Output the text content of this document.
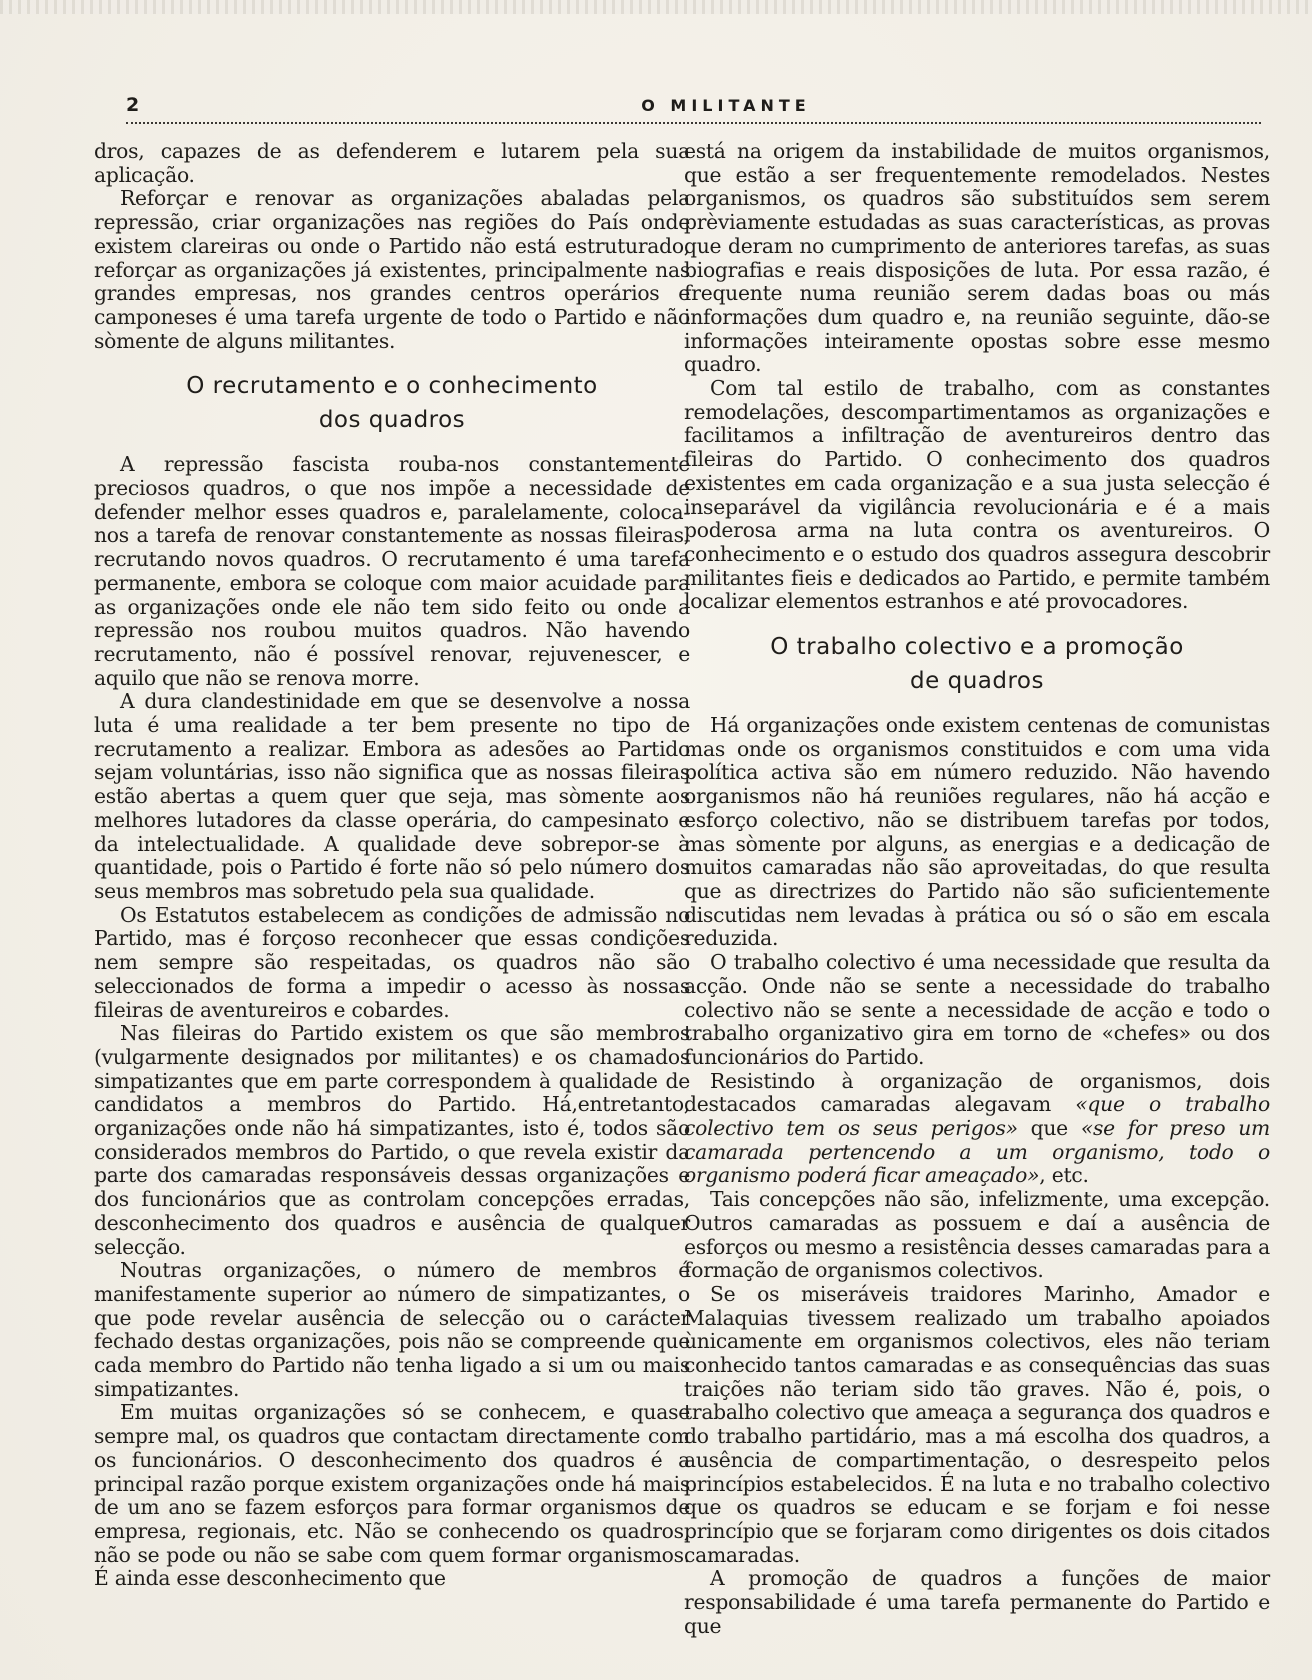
2	O MILITANTE

dros, capazes de as defenderem e lutarem pela sua aplicação.

Reforçar e renovar as organizações abaladas pela repressão, criar organizações nas regiões do País onde existem clareiras ou onde o Partido não está estruturado, reforçar as organizações já existentes, principalmente nas grandes empresas, nos grandes centros operários e camponeses é uma tarefa urgente de todo o Partido e não sòmente de alguns militantes.

O recrutamento e o conhecimento
dos quadros

A repressão fascista rouba-nos constantemente preciosos quadros, o que nos impõe a necessidade de defender melhor esses quadros e, paralelamente, coloca-nos a tarefa de renovar constantemente as nossas fileiras, recrutando novos quadros. O recrutamento é uma tarefa permanente, embora se coloque com maior acuidade para as organizações onde ele não tem sido feito ou onde a repressão nos roubou muitos quadros. Não havendo recrutamento, não é possível renovar, rejuvenescer, e aquilo que não se renova morre.

A dura clandestinidade em que se desenvolve a nossa luta é uma realidade a ter bem presente no tipo de recrutamento a realizar. Embora as adesões ao Partido sejam voluntárias, isso não significa que as nossas fileiras estão abertas a quem quer que seja, mas sòmente aos melhores lutadores da classe operária, do campesinato e da intelectualidade. A qualidade deve sobrepor-se à quantidade, pois o Partido é forte não só pelo número dos seus membros mas sobretudo pela sua qualidade.

Os Estatutos estabelecem as condições de admissão no Partido, mas é forçoso reconhecer que essas condições nem sempre são respeitadas, os quadros não são seleccionados de forma a impedir o acesso às nossas fileiras de aventureiros e cobardes.

Nas fileiras do Partido existem os que são membros (vulgarmente designados por militantes) e os chamados simpatizantes que em parte correspondem à qualidade de candidatos a membros do Partido. Há,entretanto, organizações onde não há simpatizantes, isto é, todos são considerados membros do Partido, o que revela existir da parte dos camaradas responsáveis dessas organizações e dos funcionários que as controlam concepções erradas, desconhecimento dos quadros e ausência de qualquer selecção.

Noutras organizações, o número de membros é manifestamente superior ao número de simpatizantes, o que pode revelar ausência de selecção ou o carácter fechado destas organizações, pois não se compreende que cada membro do Partido não tenha ligado a si um ou mais simpatizantes.

Em muitas organizações só se conhecem, e quase sempre mal, os quadros que contactam directamente com os funcionários. O desconhecimento dos quadros é a principal razão porque existem organizações onde há mais de um ano se fazem esforços para formar organismos de empresa, regionais, etc. Não se conhecendo os quadros, não se pode ou não se sabe com quem formar organismos. É ainda esse desconhecimento que

está na origem da instabilidade de muitos organismos, que estão a ser frequentemente remodelados. Nestes organismos, os quadros são substituídos sem serem prèviamente estudadas as suas características, as provas que deram no cumprimento de anteriores tarefas, as suas biografias e reais disposições de luta. Por essa razão, é frequente numa reunião serem dadas boas ou más informações dum quadro e, na reunião seguinte, dão-se informações inteiramente opostas sobre esse mesmo quadro.

Com tal estilo de trabalho, com as constantes remodelações, descompartimentamos as organizações e facilitamos a infiltração de aventureiros dentro das fileiras do Partido. O conhecimento dos quadros existentes em cada organização e a sua justa selecção é inseparável da vigilância revolucionária e é a mais poderosa arma na luta contra os aventureiros. O conhecimento e o estudo dos quadros assegura descobrir militantes fieis e dedicados ao Partido, e permite também localizar elementos estranhos e até provocadores.

O trabalho colectivo e a promoção
de quadros

Há organizações onde existem centenas de comunistas mas onde os organismos constituidos e com uma vida política activa são em número reduzido. Não havendo organismos não há reuniões regulares, não há acção e esforço colectivo, não se distribuem tarefas por todos, mas sòmente por alguns, as energias e a dedicação de muitos camaradas não são aproveitadas, do que resulta que as directrizes do Partido não são suficientemente discutidas nem levadas à prática ou só o são em escala reduzida.

O trabalho colectivo é uma necessidade que resulta da acção. Onde não se sente a necessidade do trabalho colectivo não se sente a necessidade de acção e todo o trabalho organizativo gira em torno de «chefes» ou dos funcionários do Partido.

Resistindo à organização de organismos, dois destacados camaradas alegavam «que o trabalho colectivo tem os seus perigos» que «se for preso um camarada pertencendo a um organismo, todo o organismo poderá ficar ameaçado», etc.

Tais concepções não são, infelizmente, uma excepção. Outros camaradas as possuem e daí a ausência de esforços ou mesmo a resistência desses camaradas para a formação de organismos colectivos.

Se os miseráveis traidores Marinho, Amador e Malaquias tivessem realizado um trabalho apoiados ùnicamente em organismos colectivos, eles não teriam conhecido tantos camaradas e as consequências das suas traições não teriam sido tão graves. Não é, pois, o trabalho colectivo que ameaça a segurança dos quadros e do trabalho partidário, mas a má escolha dos quadros, a ausência de compartimentação, o desrespeito pelos princípios estabelecidos. É na luta e no trabalho colectivo que os quadros se educam e se forjam e foi nesse princípio que se forjaram como dirigentes os dois citados camaradas.

A promoção de quadros a funções de maior responsabilidade é uma tarefa permanente do Partido e que
